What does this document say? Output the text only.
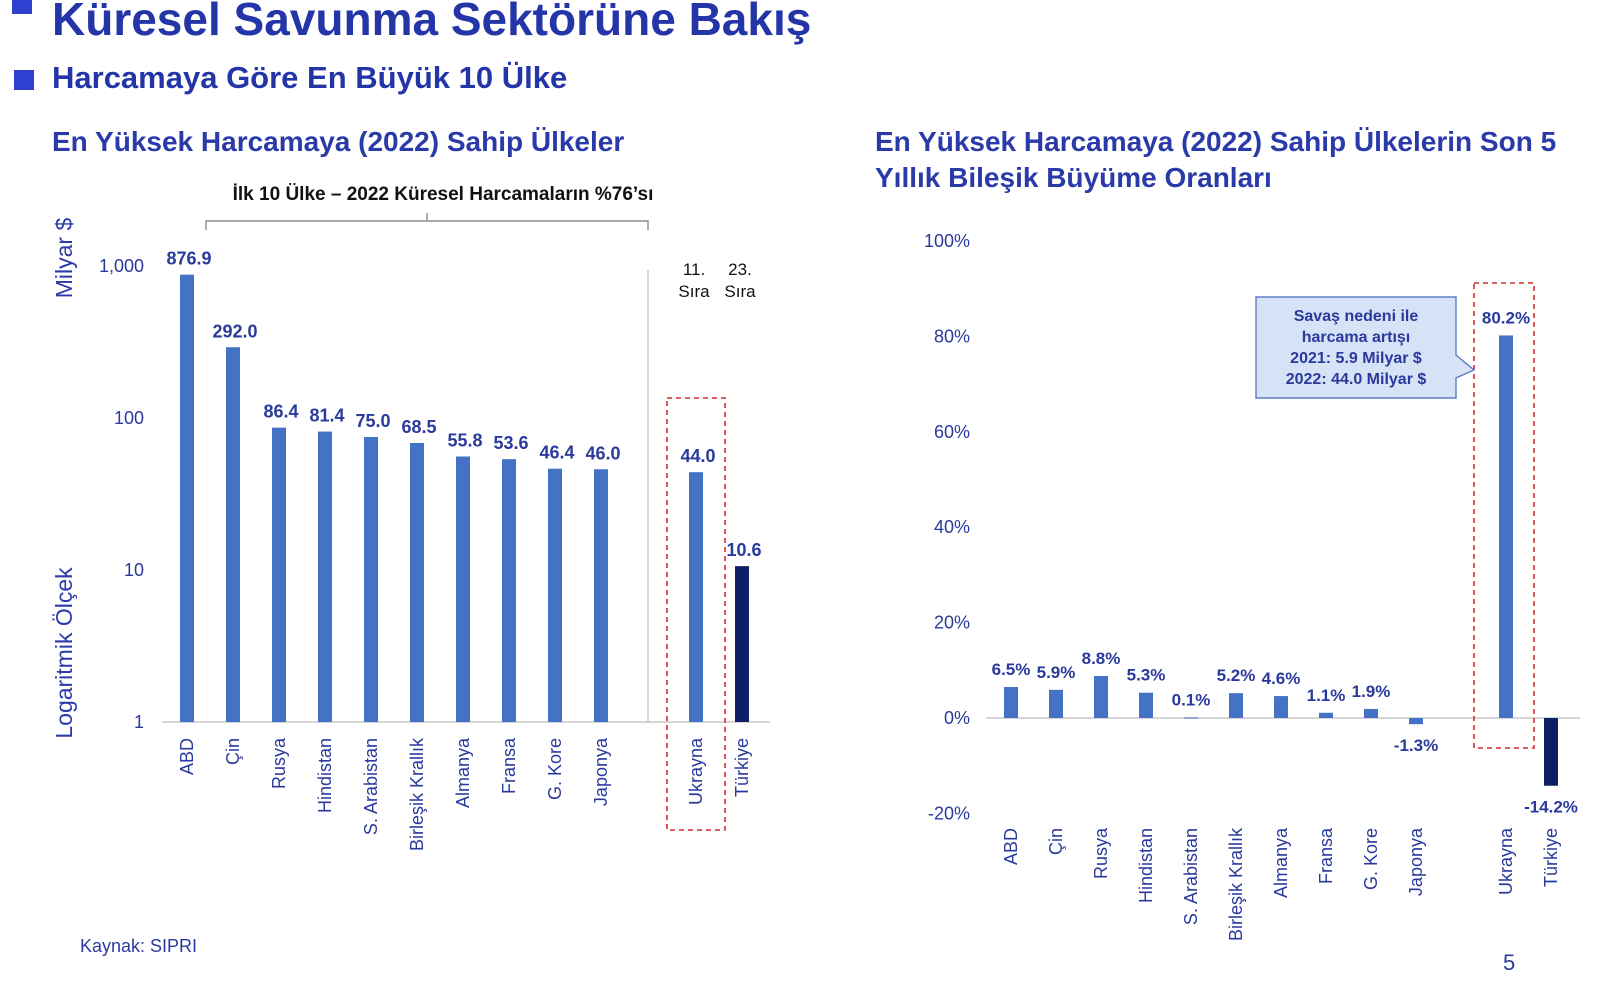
Küresel Savunma Sektörüne Bakış
Harcamaya Göre En Büyük 10 Ülke
En Yüksek Harcamaya (2022) Sahip Ülkeler	En Yüksek Harcamaya (2022) Sahip Ülkelerin Son 5 Yıllık Bileşik Büyüme Oranları
1,000
100
10
1
Milyar $
Logaritmik Ölçek
İlk 10 Ülke – 2022 Küresel Harcamaların %76’sı
11.
Sıra
23.
Sıra
876.9
ABD
292.0
Çin
86.4
Rusya
81.4
Hindistan
75.0
S. Arabistan
68.5
Birleşik Krallık
55.8
Almanya
53.6
Fransa
46.4
G. Kore
46.0
Japonya
44.0
Ukrayna
10.6
Türkiye
100%
80%
60%
40%
20%
0%
-20%
Savaş nedeni ile
harcama artışı
2021: 5.9 Milyar $
2022: 44.0 Milyar $
6.5%
ABD
5.9%
Çin
8.8%
Rusya
5.3%
Hindistan
0.1%
S. Arabistan
5.2%
Birleşik Krallık
4.6%
Almanya
1.1%
Fransa
1.9%
G. Kore
-1.3%
Japonya
80.2%
Ukrayna
-14.2%
Türkiye
Kaynak: SIPRI
5
